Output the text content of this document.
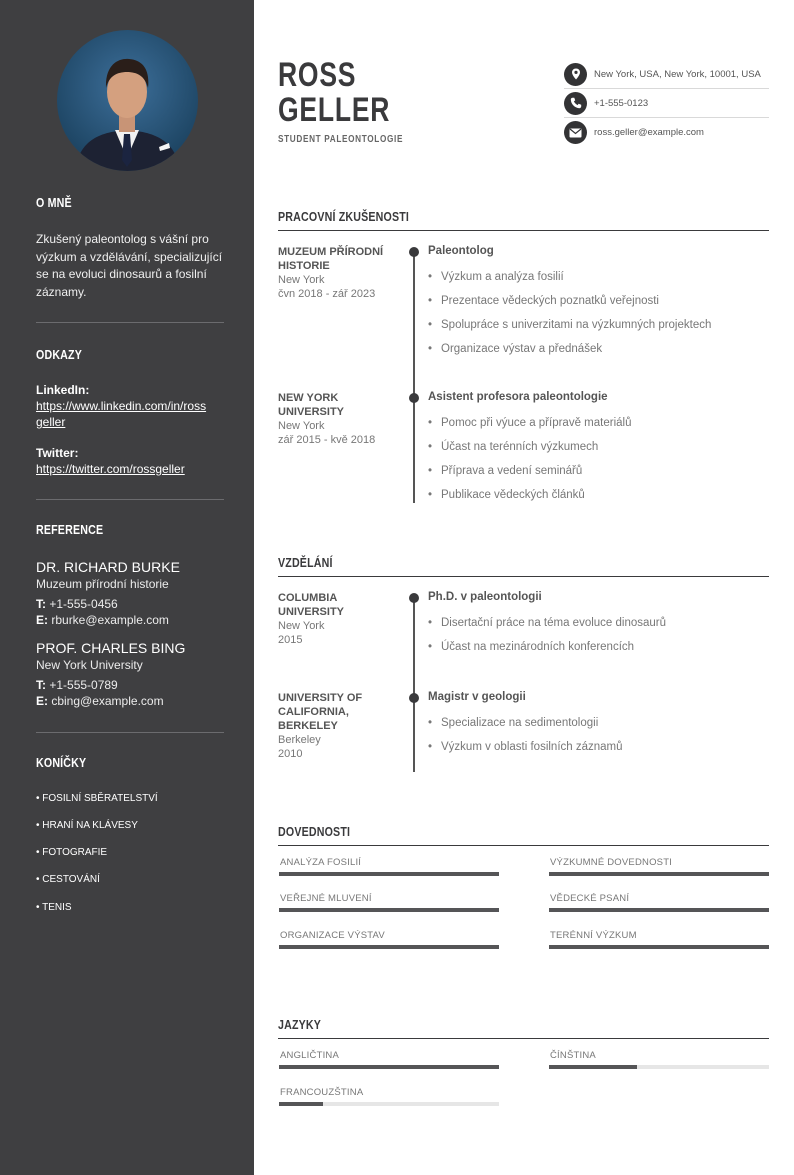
O MNĚ
Zkušený paleontolog s vášní pro
výzkum a vzdělávání, specializující
se na evoluci dinosaurů a fosilní
záznamy.
ODKAZY
LinkedIn:
https://www.linkedin.com/in/ross
geller
Twitter:
https://twitter.com/rossgeller
REFERENCE
DR. RICHARD BURKE
Muzeum přírodní historie
T: +1-555-0456
E: rburke@example.com
PROF. CHARLES BING
New York University
T: +1-555-0789
E: cbing@example.com
KONÍČKY
• FOSILNÍ SBĚRATELSTVÍ
• HRANÍ NA KLÁVESY
• FOTOGRAFIE
• CESTOVÁNÍ
• TENIS
ROSS
GELLER
STUDENT PALEONTOLOGIE
New York, USA, New York, 10001, USA
+1-555-0123
ross.geller@example.com
PRACOVNÍ ZKUŠENOSTI
MUZEUM PŘÍRODNÍ
HISTORIE
New York
čvn 2018 - zář 2023
Paleontolog
• Výzkum a analýza fosilií
• Prezentace vědeckých poznatků veřejnosti
• Spolupráce s univerzitami na výzkumných projektech
• Organizace výstav a přednášek
NEW YORK
UNIVERSITY
New York
zář 2015 - kvě 2018
Asistent profesora paleontologie
• Pomoc při výuce a přípravě materiálů
• Účast na terénních výzkumech
• Příprava a vedení seminářů
• Publikace vědeckých článků
VZDĚLÁNÍ
COLUMBIA
UNIVERSITY
New York
2015
Ph.D. v paleontologii
• Disertační práce na téma evoluce dinosaurů
• Účast na mezinárodních konferencích
UNIVERSITY OF
CALIFORNIA,
BERKELEY
Berkeley
2010
Magistr v geologii
• Specializace na sedimentologii
• Výzkum v oblasti fosilních záznamů
DOVEDNOSTI
ANALÝZA FOSILIÍ	VÝZKUMNÉ DOVEDNOSTI
VEŘEJNÉ MLUVENÍ	VĚDECKÉ PSANÍ
ORGANIZACE VÝSTAV	TERÉNNÍ VÝZKUM
JAZYKY
ANGLIČTINA	ČÍNŠTINA
FRANCOUZŠTINA
